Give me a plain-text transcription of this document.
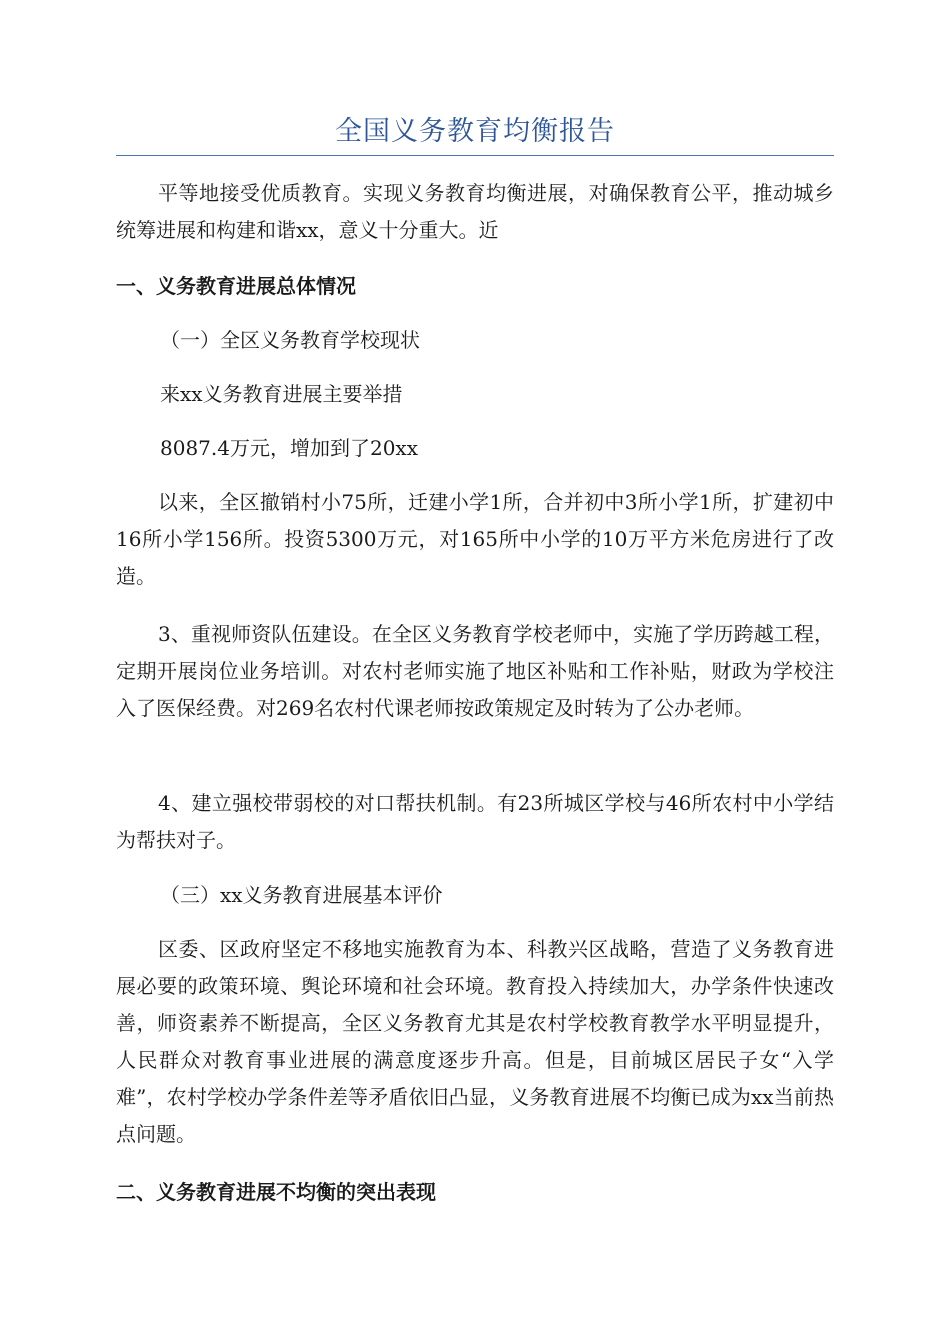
全国义务教育均衡报告

平等地接受优质教育。实现义务教育均衡进展，对确保教育公平，推动城乡统筹进展和构建和谐xx，意义十分重大。近

一、义务教育进展总体情况

（一）全区义务教育学校现状

来xx义务教育进展主要举措

8087.4万元，增加到了20xx

以来，全区撤销村小75所，迁建小学1所，合并初中3所小学1所，扩建初中16所小学156所。投资5300万元，对165所中小学的10万平方米危房进行了改造。

3、重视师资队伍建设。在全区义务教育学校老师中，实施了学历跨越工程，定期开展岗位业务培训。对农村老师实施了地区补贴和工作补贴，财政为学校注入了医保经费。对269名农村代课老师按政策规定及时转为了公办老师。

4、建立强校带弱校的对口帮扶机制。有23所城区学校与46所农村中小学结为帮扶对子。

（三）xx义务教育进展基本评价

区委、区政府坚定不移地实施教育为本、科教兴区战略，营造了义务教育进展必要的政策环境、舆论环境和社会环境。教育投入持续加大，办学条件快速改善，师资素养不断提高，全区义务教育尤其是农村学校教育教学水平明显提升，人民群众对教育事业进展的满意度逐步升高。但是，目前城区居民子女“入学难”，农村学校办学条件差等矛盾依旧凸显，义务教育进展不均衡已成为xx当前热点问题。

二、义务教育进展不均衡的突出表现
